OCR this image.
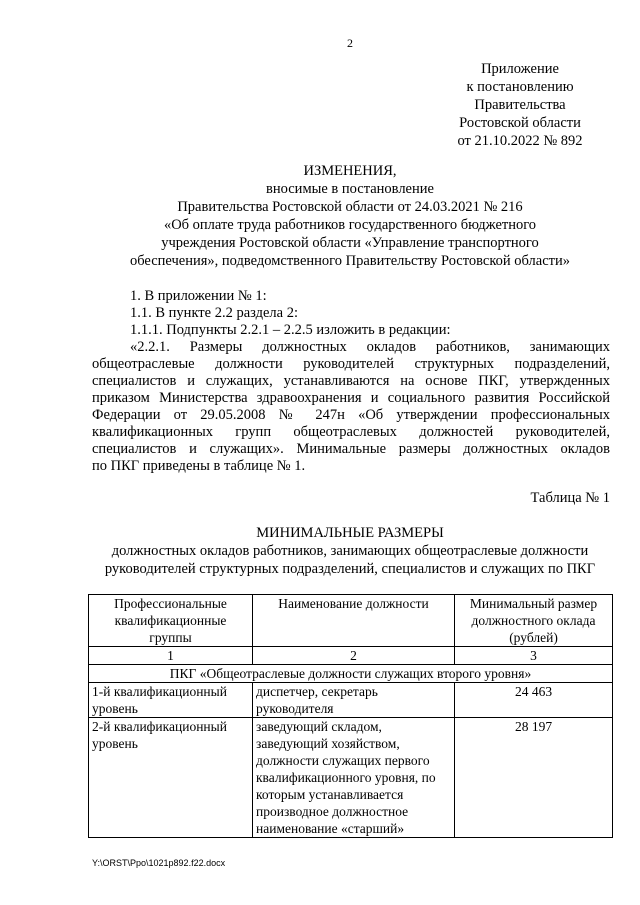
2
Приложение
к постановлению
Правительства
Ростовской области
от 21.10.2022 № 892
ИЗМЕНЕНИЯ,
вносимые в постановление
Правительства Ростовской области от 24.03.2021 № 216
«Об оплате труда работников государственного бюджетного
учреждения Ростовской области «Управление транспортного
обеспечения», подведомственного Правительству Ростовской области»
1. В приложении № 1:
1.1. В пункте 2.2 раздела 2:
1.1.1. Подпункты 2.2.1 – 2.2.5 изложить в редакции:
«2.2.1. Размеры должностных окладов работников, занимающих
общеотраслевые должности руководителей структурных подразделений,
специалистов и служащих, устанавливаются на основе ПКГ, утвержденных
приказом Министерства здравоохранения и социального развития Российской
Федерации от 29.05.2008 № 247н «Об утверждении профессиональных
квалификационных групп общеотраслевых должностей руководителей,
специалистов и служащих». Минимальные размеры должностных окладов
по ПКГ приведены в таблице № 1.
Таблица № 1
МИНИМАЛЬНЫЕ РАЗМЕРЫ
должностных окладов работников, занимающих общеотраслевые должности
руководителей структурных подразделений, специалистов и служащих по ПКГ
Профессиональные квалификационные группы	Наименование должности	Минимальный размер должностного оклада (рублей)
1	2	3
ПКГ «Общеотраслевые должности служащих второго уровня»		
1-й квалификационный уровень	диспетчер, секретарь руководителя	24 463
2-й квалификационный уровень	заведующий складом, заведующий хозяйством, должности служащих первого квалификационного уровня, по которым устанавливается производное должностное наименование «старший»	28 197
Y:\ORST\Ppo\1021p892.f22.docx
